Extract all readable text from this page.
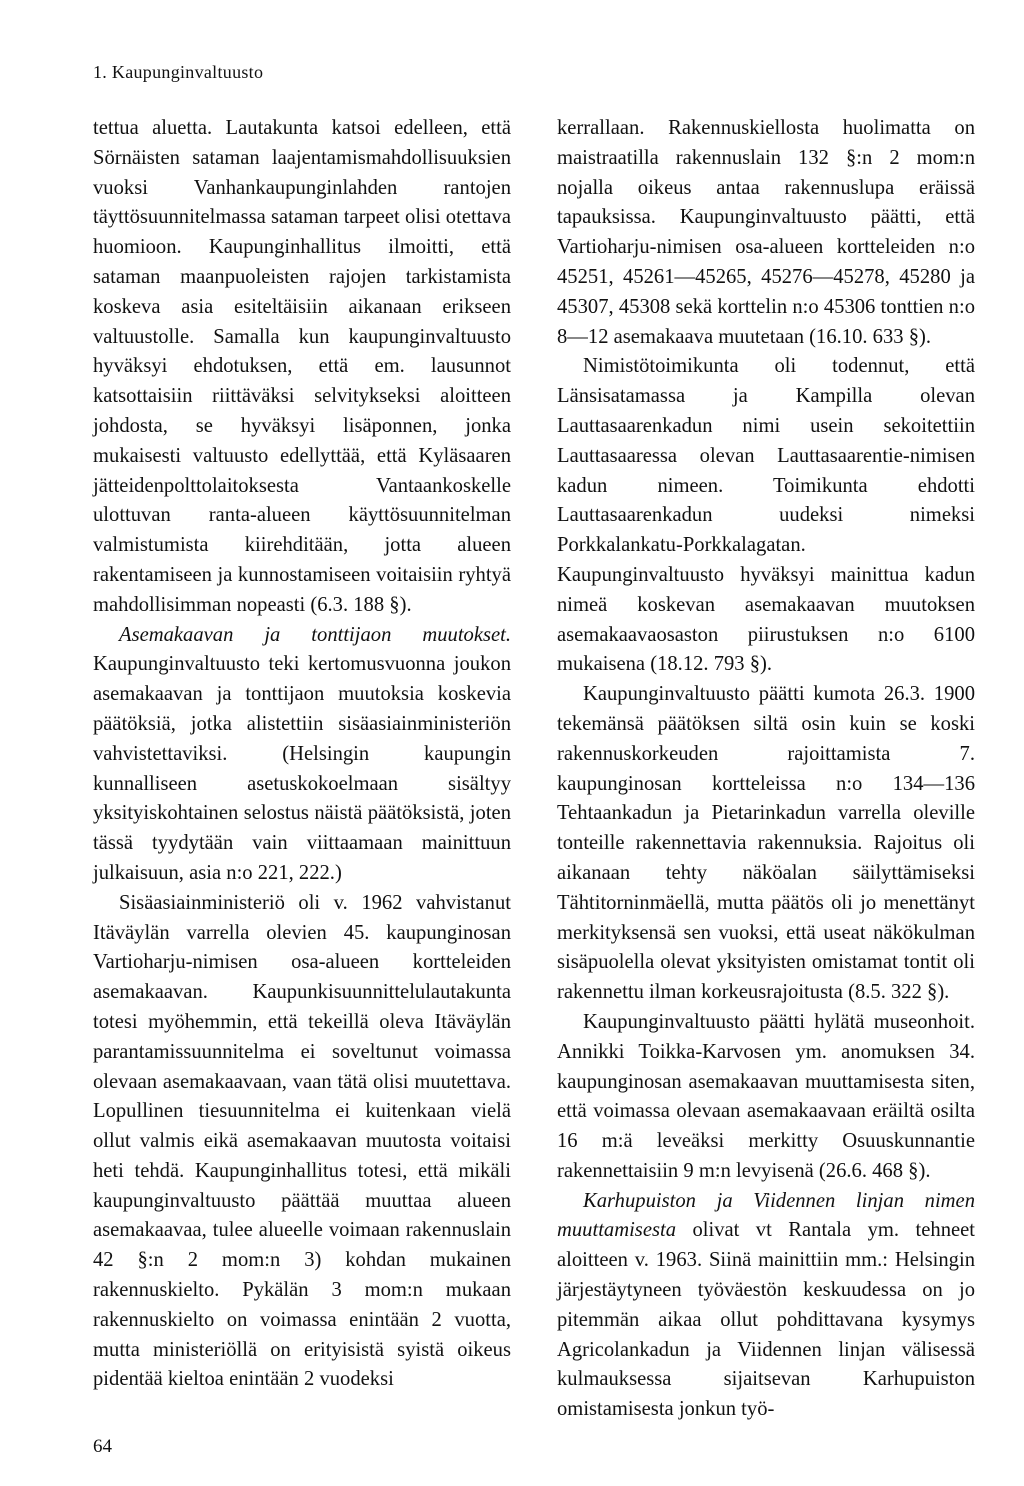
1. Kaupunginvaltuusto

tettua aluetta. Lautakunta katsoi edelleen, että Sörnäisten sataman laajentamismahdollisuuksien vuoksi Vanhankaupunginlahden rantojen täyttösuunnitelmassa sataman tarpeet olisi otettava huomioon. Kaupunginhallitus ilmoitti, että sataman maanpuoleisten rajojen tarkistamista koskeva asia esiteltäisiin aikanaan erikseen valtuustolle. Samalla kun kaupunginvaltuusto hyväksyi ehdotuksen, että em. lausunnot katsottaisiin riittäväksi selvitykseksi aloitteen johdosta, se hyväksyi lisäponnen, jonka mukaisesti valtuusto edellyttää, että Kyläsaaren jätteidenpolttolaitoksesta Vantaankoskelle ulottuvan ranta-alueen käyttösuunnitelman valmistumista kiirehditään, jotta alueen rakentamiseen ja kunnostamiseen voitaisiin ryhtyä mahdollisimman nopeasti (6.3. 188 §).

Asemakaavan ja tonttijaon muutokset. Kaupunginvaltuusto teki kertomusvuonna joukon asemakaavan ja tonttijaon muutoksia koskevia päätöksiä, jotka alistettiin sisäasiainministeriön vahvistettaviksi. (Helsingin kaupungin kunnalliseen asetuskokoelmaan sisältyy yksityiskohtainen selostus näistä päätöksistä, joten tässä tyydytään vain viittaamaan mainittuun julkaisuun, asia n:o 221, 222.)

Sisäasiainministeriö oli v. 1962 vahvistanut Itäväylän varrella olevien 45. kaupunginosan Vartioharju-nimisen osa-alueen kortteleiden asemakaavan. Kaupunkisuunnittelulautakunta totesi myöhemmin, että tekeillä oleva Itäväylän parantamissuunnitelma ei soveltunut voimassa olevaan asemakaavaan, vaan tätä olisi muutettava. Lopullinen tiesuunnitelma ei kuitenkaan vielä ollut valmis eikä asemakaavan muutosta voitaisi heti tehdä. Kaupunginhallitus totesi, että mikäli kaupunginvaltuusto päättää muuttaa alueen asemakaavaa, tulee alueelle voimaan rakennuslain 42 §:n 2 mom:n 3) kohdan mukainen rakennuskielto. Pykälän 3 mom:n mukaan rakennuskielto on voimassa enintään 2 vuotta, mutta ministeriöllä on erityisistä syistä oikeus pidentää kieltoa enintään 2 vuodeksi

kerrallaan. Rakennuskiellosta huolimatta on maistraatilla rakennuslain 132 §:n 2 mom:n nojalla oikeus antaa rakennuslupa eräissä tapauksissa. Kaupunginvaltuusto päätti, että Vartioharju-nimisen osa-alueen kortteleiden n:o 45251, 45261—45265, 45276—45278, 45280 ja 45307, 45308 sekä korttelin n:o 45306 tonttien n:o 8—12 asemakaava muutetaan (16.10. 633 §).

Nimistötoimikunta oli todennut, että Länsisatamassa ja Kampilla olevan Lauttasaarenkadun nimi usein sekoitettiin Lauttasaaressa olevan Lauttasaarentie-nimisen kadun nimeen. Toimikunta ehdotti Lauttasaarenkadun uudeksi nimeksi Porkkalankatu-Porkkalagatan. Kaupunginvaltuusto hyväksyi mainittua kadun nimeä koskevan asemakaavan muutoksen asemakaavaosaston piirustuksen n:o 6100 mukaisena (18.12. 793 §).

Kaupunginvaltuusto päätti kumota 26.3. 1900 tekemänsä päätöksen siltä osin kuin se koski rakennuskorkeuden rajoittamista 7. kaupunginosan kortteleissa n:o 134—136 Tehtaankadun ja Pietarinkadun varrella oleville tonteille rakennettavia rakennuksia. Rajoitus oli aikanaan tehty näköalan säilyttämiseksi Tähtitorninmäellä, mutta päätös oli jo menettänyt merkityksensä sen vuoksi, että useat näkökulman sisäpuolella olevat yksityisten omistamat tontit oli rakennettu ilman korkeusrajoitusta (8.5. 322 §).

Kaupunginvaltuusto päätti hylätä museonhoit. Annikki Toikka-Karvosen ym. anomuksen 34. kaupunginosan asemakaavan muuttamisesta siten, että voimassa olevaan asemakaavaan eräiltä osilta 16 m:ä leveäksi merkitty Osuuskunnantie rakennettaisiin 9 m:n levyisenä (26.6. 468 §).

Karhupuiston ja Viidennen linjan nimen muuttamisesta olivat vt Rantala ym. tehneet aloitteen v. 1963. Siinä mainittiin mm.: Helsingin järjestäytyneen työväestön keskuudessa on jo pitemmän aikaa ollut pohdittavana kysymys Agricolankadun ja Viidennen linjan välisessä kulmauksessa sijaitsevan Karhupuiston omistamisesta jonkun työ-

64
